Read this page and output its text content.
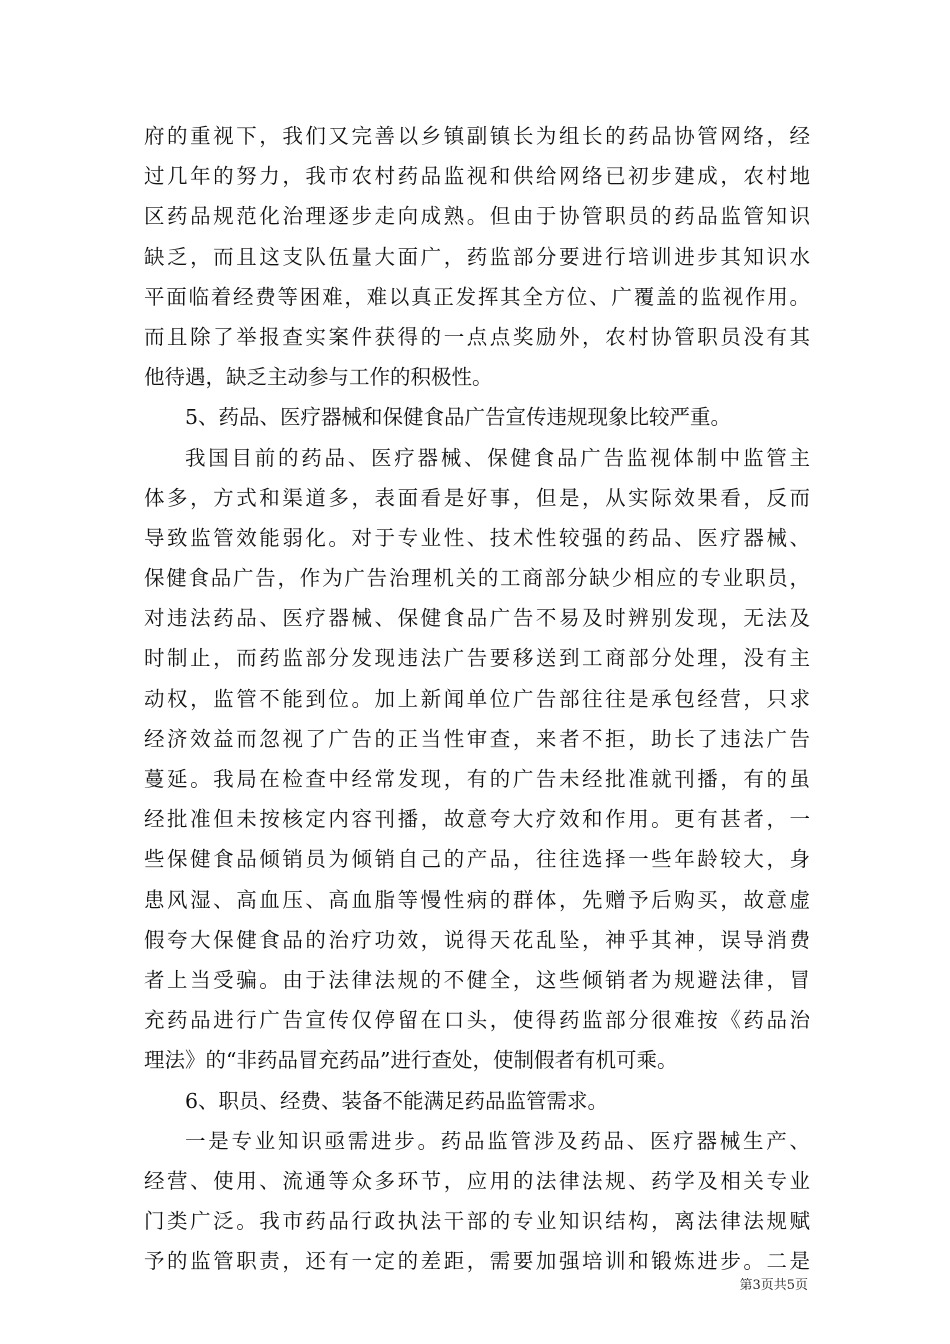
府的重视下，我们又完善以乡镇副镇长为组长的药品协管网络，经
过几年的努力，我市农村药品监视和供给网络已初步建成，农村地
区药品规范化治理逐步走向成熟。但由于协管职员的药品监管知识
缺乏，而且这支队伍量大面广，药监部分要进行培训进步其知识水
平面临着经费等困难，难以真正发挥其全方位、广覆盖的监视作用。
而且除了举报查实案件获得的一点点奖励外，农村协管职员没有其
他待遇，缺乏主动参与工作的积极性。
5、药品、医疗器械和保健食品广告宣传违规现象比较严重。
我国目前的药品、医疗器械、保健食品广告监视体制中监管主
体多，方式和渠道多，表面看是好事，但是，从实际效果看，反而
导致监管效能弱化。对于专业性、技术性较强的药品、医疗器械、
保健食品广告，作为广告治理机关的工商部分缺少相应的专业职员，
对违法药品、医疗器械、保健食品广告不易及时辨别发现，无法及
时制止，而药监部分发现违法广告要移送到工商部分处理，没有主
动权，监管不能到位。加上新闻单位广告部往往是承包经营，只求
经济效益而忽视了广告的正当性审查，来者不拒，助长了违法广告
蔓延。我局在检查中经常发现，有的广告未经批准就刊播，有的虽
经批准但未按核定内容刊播，故意夸大疗效和作用。更有甚者，一
些保健食品倾销员为倾销自己的产品，往往选择一些年龄较大，身
患风湿、高血压、高血脂等慢性病的群体，先赠予后购买，故意虚
假夸大保健食品的治疗功效，说得天花乱坠，神乎其神，误导消费
者上当受骗。由于法律法规的不健全，这些倾销者为规避法律，冒
充药品进行广告宣传仅停留在口头，使得药监部分很难按《药品治
理法》的“非药品冒充药品”进行查处，使制假者有机可乘。
6、职员、经费、装备不能满足药品监管需求。
一是专业知识亟需进步。药品监管涉及药品、医疗器械生产、
经营、使用、流通等众多环节，应用的法律法规、药学及相关专业
门类广泛。我市药品行政执法干部的专业知识结构，离法律法规赋
予的监管职责，还有一定的差距，需要加强培训和锻炼进步。二是
第3页共5页
